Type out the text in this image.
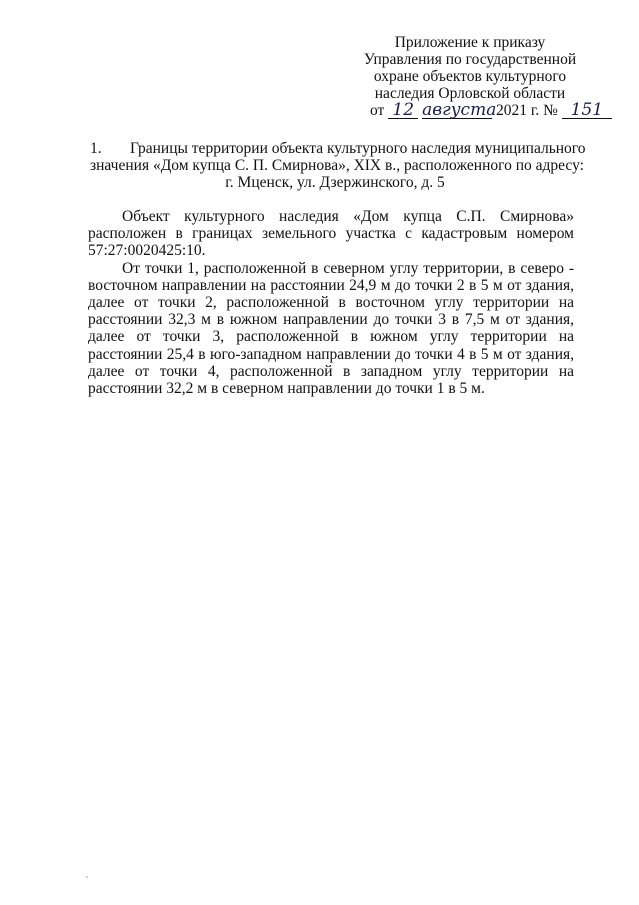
Приложение к приказу
Управления по государственной
охране объектов культурного
наследия Орловской области
от 12 августа 2021 г. № 151
1.	Границы территории объекта культурного наследия муниципального
значения «Дом купца С. П. Смирнова», XIX в., расположенного по адресу:
г. Мценск, ул. Дзержинского, д. 5

Объект культурного наследия «Дом купца С.П. Смирнова» расположен в границах земельного участка с кадастровым номером 57:27:0020425:10.

От точки 1, расположенной в северном углу территории, в северо - восточном направлении на расстоянии 24,9 м до точки 2 в 5 м от здания, далее от точки 2, расположенной в восточном углу территории на расстоянии 32,3 м в южном направлении до точки 3 в 7,5 м от здания, далее от точки 3, расположенной в южном углу территории на расстоянии 25,4 в юго-западном направлении до точки 4 в 5 м от здания, далее от точки 4, расположенной в западном углу территории на расстоянии 32,2 м в северном направлении до точки 1 в 5 м.
